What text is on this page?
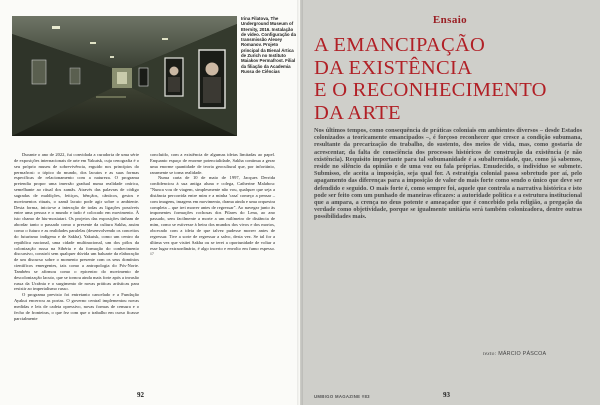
Irina Filatova, The Underground Museum of Eternity, 2016. Instalação de vídeo. Configuração da transmissão Alexey Romanov. Projeto principal da Bienal Ártica de Zurich no Instituto Maiakov Permafrost. Filial da filiação da Academia Russa de Ciências

Durante o ano de 2022, fui convidada a curadoria de uma série de exposições internacionais de arte em Yakutsk, cuja cenografia é o seu próprio museu de sobrevivência, erguido nos princípios do permafrost: o tópico do mundo, dos lacutos e as suas formas específicas de relacionamento com a natureza. O programa pretendia propor uma imersão gradual numa realidade onírica, semelhante ao ritual dos xamãs. Através das palavras de código sagradas de maldições, feitiços, bênçãos, cânticos, gestos e movimentos rituais, o xamã lacuto pode agir sobre o ambiente. Desta forma, inicia-se a interação de todas as ligações possíveis entre uma pessoa e o mundo e tudo é colocado em movimento. À isto chamo de hiu-mosiatari. Os projetos das exposições tinham de abordar tanto o passado como o presente da cultura Sakha, assim como o futuro e as realidades paralelas (desenvolvendo os conceitos do futurismo indígena e de Sakha). Yakutsk, como um centro da república nacional, uma cidade multinacional, um dos pólos da colonização russa na Sibéria e da formação do conhecimento discursivo, constrói sem qualquer dúvida um baluarte da elaboração de um discurso sobre o momento presente com os seus domínios científicos emergentes, tais como a antropologia do Pós-Norte. Também se afirmou como o epicentro do movimento de descolonização lacuto, que se tornou ainda mais forte após a invasão russa da Ucrânia e o surgimento de novas práticas artísticas para resistir ao imperialismo russo.

O programa previsto foi entretanto cancelado e a Fundação Ayakut encerrou as portas. O governo central implementou novas medidas e leis de cadeia opressivo, novas formas de censura e o fecho de fronteiras, o que fez com que o trabalho em curso ficasse parcialmente

concluído, com a existência de algumas ideias limitadas ao papel. Enquanto espaço de enorme potencialidade, Sakha continua a gerar uma enorme quantidade de teoria geocultural que, por infortúnio, raramente se torna realidade.

Numa carta de 10 de maio de 1997, Jacques Derrida confidenciou à sua antiga aluna e colega, Catherine Malabou: "Nunca vou de viagem, simplesmente não vou, qualquer que seja a distância percorrida entre mim e a minha 'casa' começo a pensar – com imagens, imagens em movimento, drama ainda e uma orquestra completa – que irei morrer antes de regressar". Ao navegar junto às imponentes formações rochosas dos Pilares do Lena, ao ano passado, sem facilmente a morte a um milímetro de distância de mim, como se estivesse à beira dos mundos dos vivos e dos mortos, obcecado com a ideia de que talvez pudesse morrer antes de regressar. Tive a sorte de regressar a salvo, desta vez. Se tal for a última vez que visitei Sakha ou se terei a oportunidade de voltar a esse lugar extraordinário, é algo incerto e envolto em fumo espesso. ///

92
Ensaio
A EMANCIPAÇÃO
DA EXISTÊNCIA
E O RECONHECIMENTO
DA ARTE

Nos últimos tempos, como consequência de práticas coloniais em ambientes diversos – desde Estados colonizados a teoricamente emancipados –, é forçoso reconhecer que cresce a condição subumana, resultante da precarização do trabalho, do sustento, dos meios de vida, mas, como gostaria de acrescentar, da falta de consciência dos processos históricos de construção da existência (e não existência). Requisito importante para tal subumanidade é a subalternidade, que, como já sabemos, reside no silêncio da opinião e de uma voz ou fala próprias. Emudecido, o indivíduo se submete. Submisso, ele aceita a imposição, seja qual for. A estratégia colonial passa sobretudo por aí, pelo apagamento das diferenças para a imposição de valor do mais forte como sendo o único que deve ser defendido e seguido. O mais forte é, como sempre foi, aquele que controla a narrativa histórica e isto pode ser feito com um punhado de maneiras eficazes: a autoridade política e a estrutura institucional que a ampara, a crença no deus potente e ameaçador que é concebido pela religião, a pregação da verdade como objetividade, porque se igualmente unitária será também colonizadora, dentre outras possibilidades mais.

texto: MÁRCIO PÁSCOA
UMBIGO MAGAZINE #83	93
